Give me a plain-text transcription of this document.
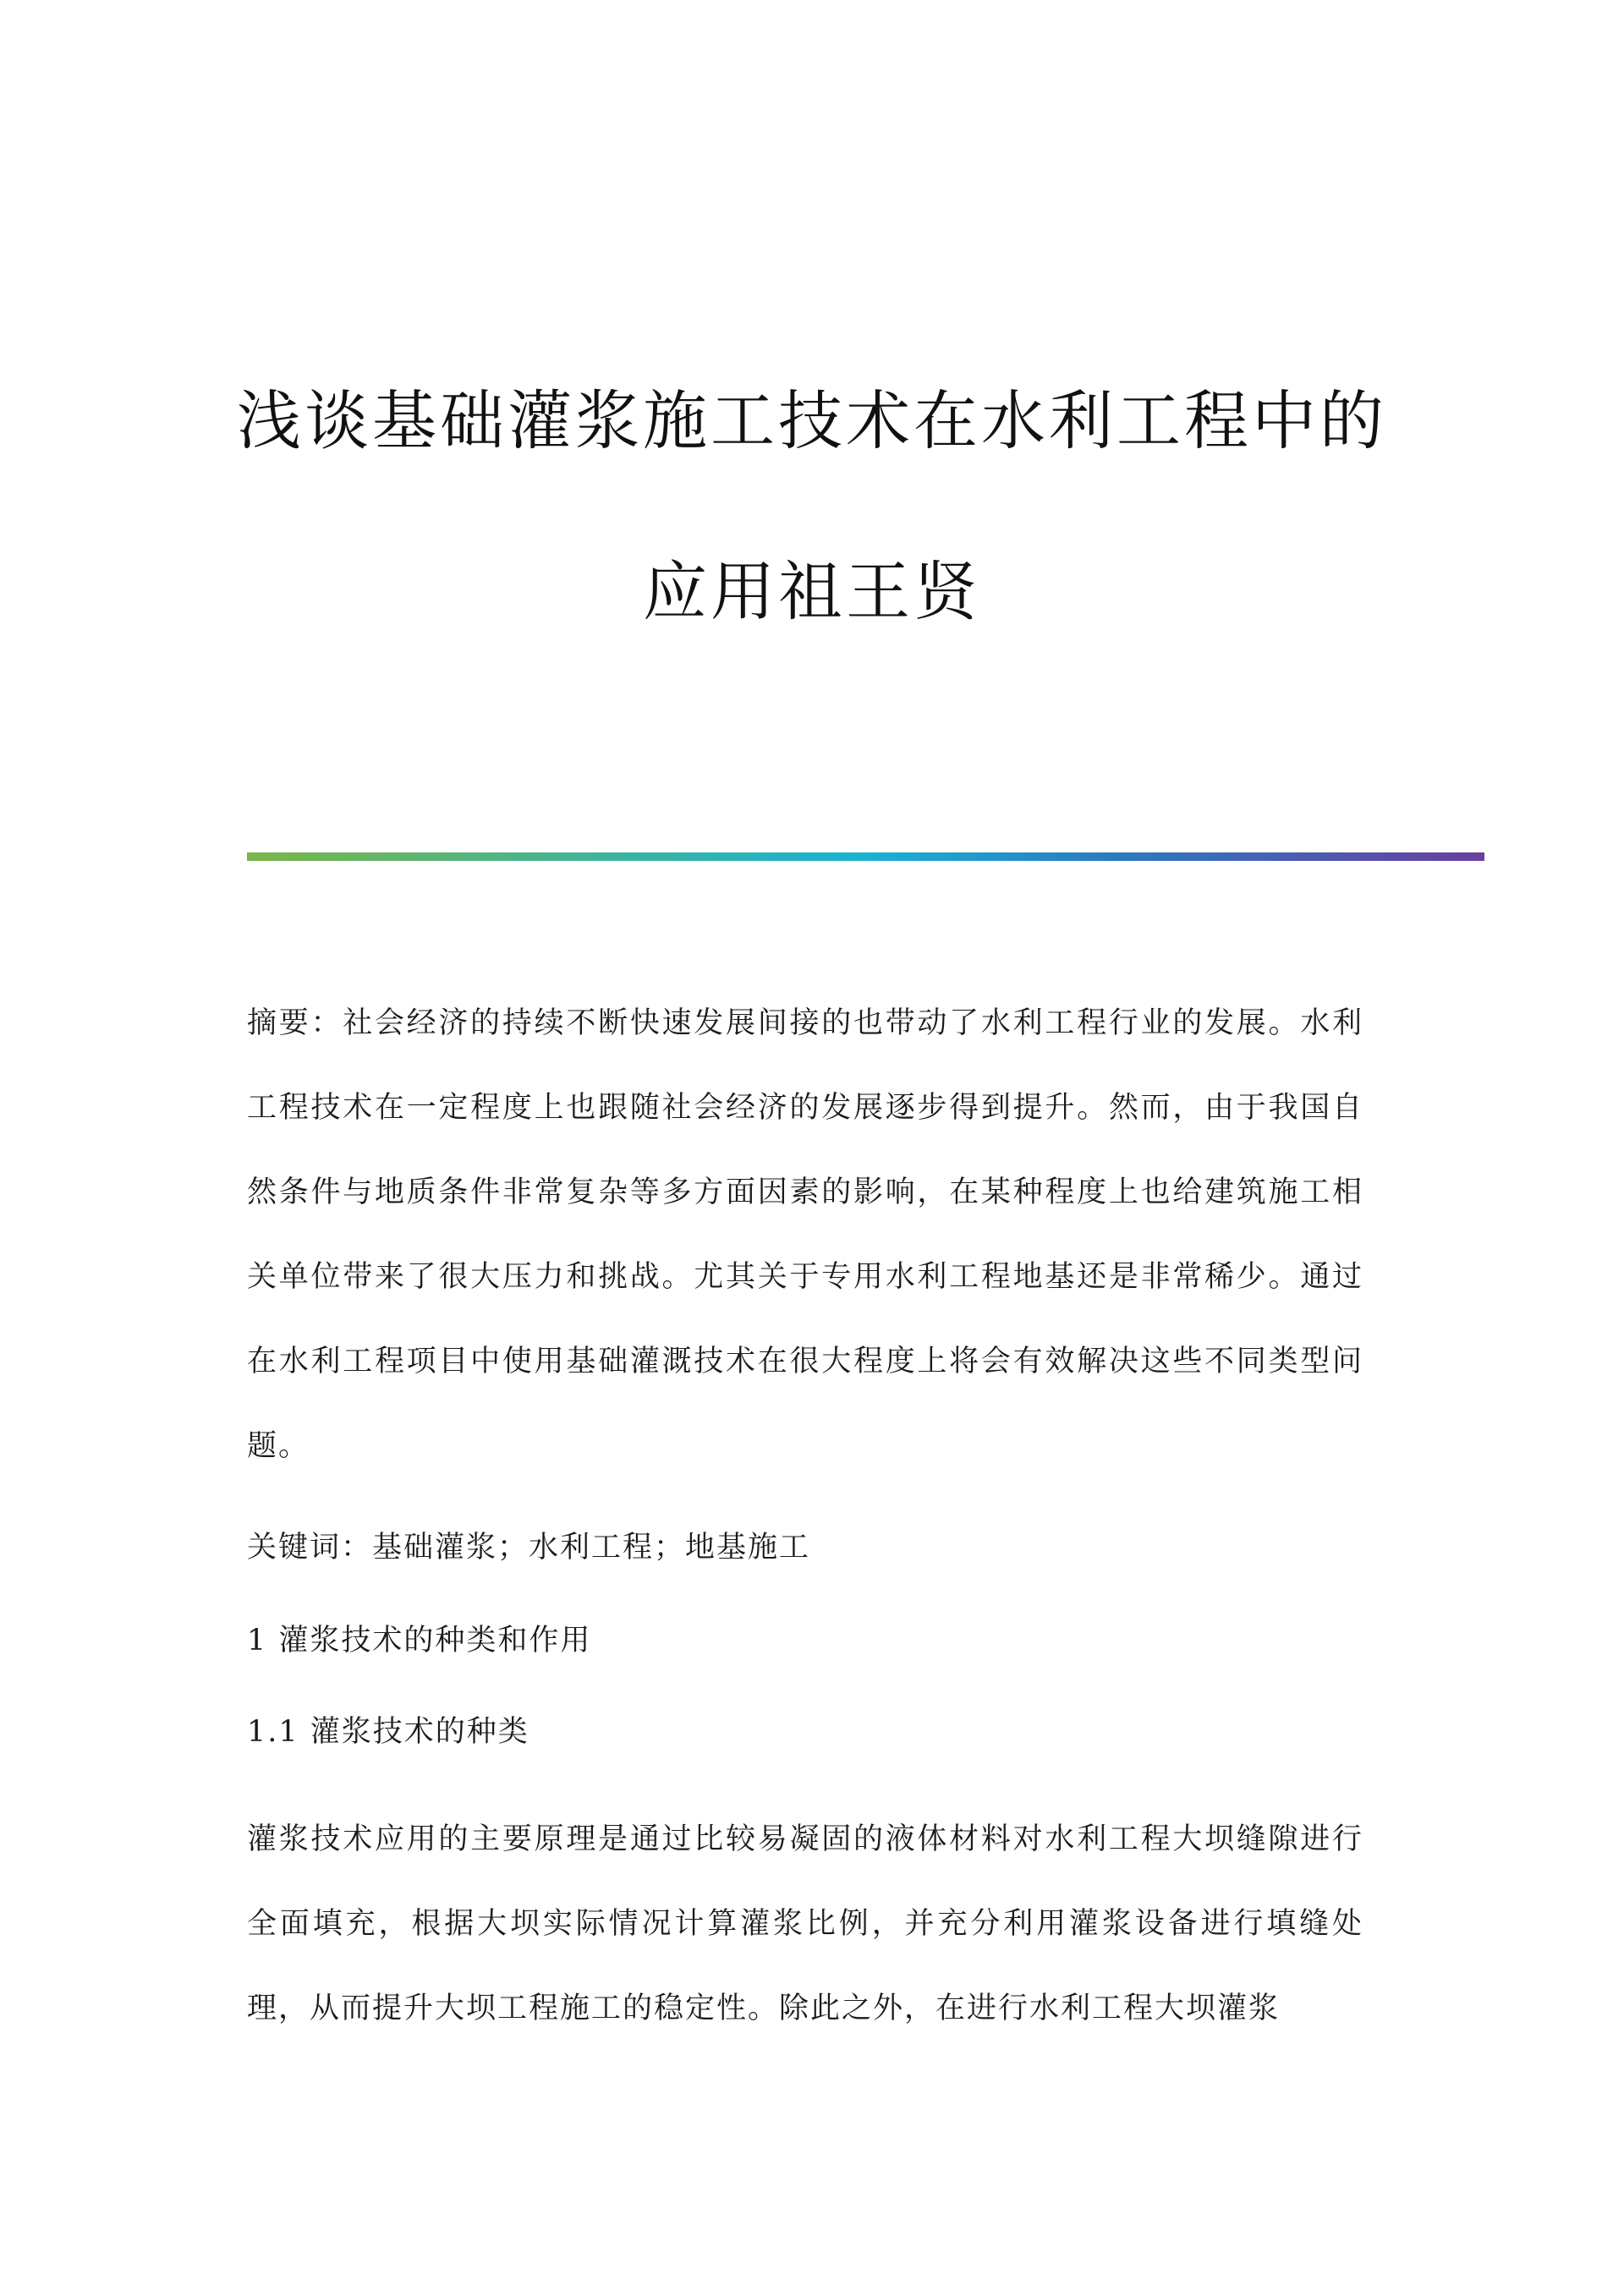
浅谈基础灌浆施工技术在水利工程中的
应用祖王贤

摘要：社会经济的持续不断快速发展间接的也带动了水利工程行业的发展。水利工程技术在一定程度上也跟随社会经济的发展逐步得到提升。然而，由于我国自然条件与地质条件非常复杂等多方面因素的影响，在某种程度上也给建筑施工相关单位带来了很大压力和挑战。尤其关于专用水利工程地基还是非常稀少。通过在水利工程项目中使用基础灌溉技术在很大程度上将会有效解决这些不同类型问题。

关键词：基础灌浆；水利工程；地基施工

1 灌浆技术的种类和作用

1.1 灌浆技术的种类

灌浆技术应用的主要原理是通过比较易凝固的液体材料对水利工程大坝缝隙进行全面填充，根据大坝实际情况计算灌浆比例，并充分利用灌浆设备进行填缝处理，从而提升大坝工程施工的稳定性。除此之外，在进行水利工程大坝灌浆
